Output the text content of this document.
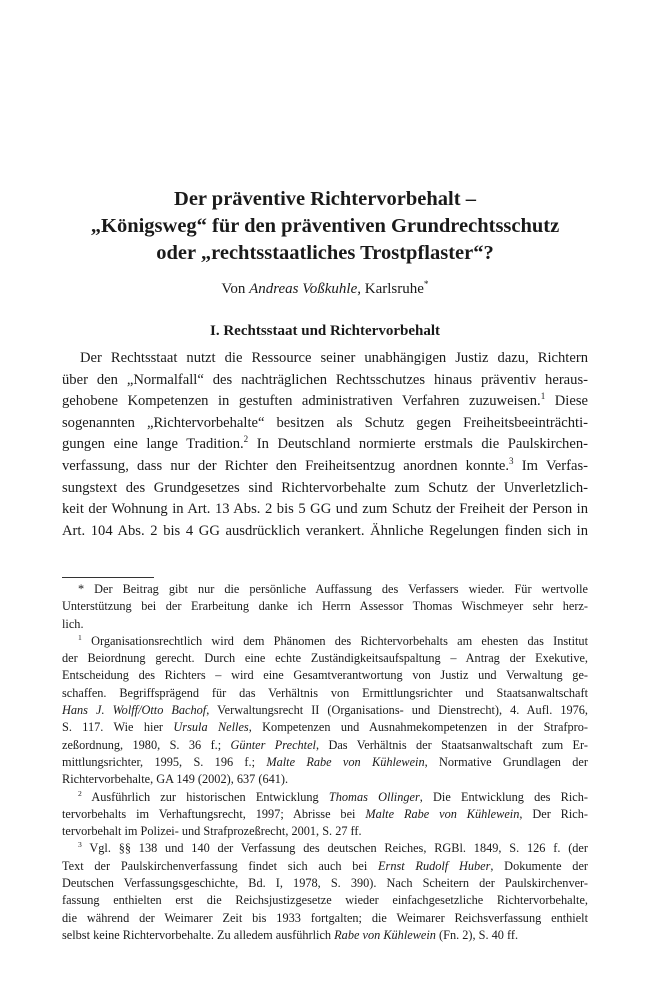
Der präventive Richtervorbehalt –
„Königsweg“ für den präventiven Grundrechtsschutz
oder „rechtsstaatliches Trostpflaster“?
Von Andreas Voßkuhle, Karlsruhe*
I. Rechtsstaat und Richtervorbehalt
Der Rechtsstaat nutzt die Ressource seiner unabhängigen Justiz dazu, Richtern
über den „Normalfall“ des nachträglichen Rechtsschutzes hinaus präventiv heraus-
gehobene Kompetenzen in gestuften administrativen Verfahren zuzuweisen.$^1$ Diese
sogenannten „Richtervorbehalte“ besitzen als Schutz gegen Freiheitsbeeinträchti-
gungen eine lange Tradition.$^2$ In Deutschland normierte erstmals die Paulskirchen-
verfassung, dass nur der Richter den Freiheitsentzug anordnen konnte.$^3$ Im Verfas-
sungstext des Grundgesetzes sind Richtervorbehalte zum Schutz der Unverletzlich-
keit der Wohnung in Art. 13 Abs. 2 bis 5 GG und zum Schutz der Freiheit der Person in
Art. 104 Abs. 2 bis 4 GG ausdrücklich verankert. Ähnliche Regelungen finden sich in
* Der Beitrag gibt nur die persönliche Auffassung des Verfassers wieder. Für wertvolle
Unterstützung bei der Erarbeitung danke ich Herrn Assessor Thomas Wischmeyer sehr herz-
lich.
$^1$ Organisationsrechtlich wird dem Phänomen des Richtervorbehalts am ehesten das Institut
der Beiordnung gerecht. Durch eine echte Zuständigkeitsaufspaltung – Antrag der Exekutive,
Entscheidung des Richters – wird eine Gesamtverantwortung von Justiz und Verwaltung ge-
schaffen. Begriffsprägend für das Verhältnis von Ermittlungsrichter und Staatsanwaltschaft
Hans J. Wolff/Otto Bachof, Verwaltungsrecht II (Organisations- und Dienstrecht), 4. Aufl. 1976,
S. 117. Wie hier Ursula Nelles, Kompetenzen und Ausnahmekompetenzen in der Strafpro-
zeßordnung, 1980, S. 36 f.; Günter Prechtel, Das Verhältnis der Staatsanwaltschaft zum Er-
mittlungsrichter, 1995, S. 196 f.; Malte Rabe von Kühlewein, Normative Grundlagen der
Richtervorbehalte, GA 149 (2002), 637 (641).
$^2$ Ausführlich zur historischen Entwicklung Thomas Ollinger, Die Entwicklung des Rich-
tervorbehalts im Verhaftungsrecht, 1997; Abrisse bei Malte Rabe von Kühlewein, Der Rich-
tervorbehalt im Polizei- und Strafprozeßrecht, 2001, S. 27 ff.
$^3$ Vgl. §§ 138 und 140 der Verfassung des deutschen Reiches, RGBl. 1849, S. 126 f. (der
Text der Paulskirchenverfassung findet sich auch bei Ernst Rudolf Huber, Dokumente der
Deutschen Verfassungsgeschichte, Bd. I, 1978, S. 390). Nach Scheitern der Paulskirchenver-
fassung enthielten erst die Reichsjustizgesetze wieder einfachgesetzliche Richtervorbehalte,
die während der Weimarer Zeit bis 1933 fortgalten; die Weimarer Reichsverfassung enthielt
selbst keine Richtervorbehalte. Zu alledem ausführlich Rabe von Kühlewein (Fn. 2), S. 40 ff.
